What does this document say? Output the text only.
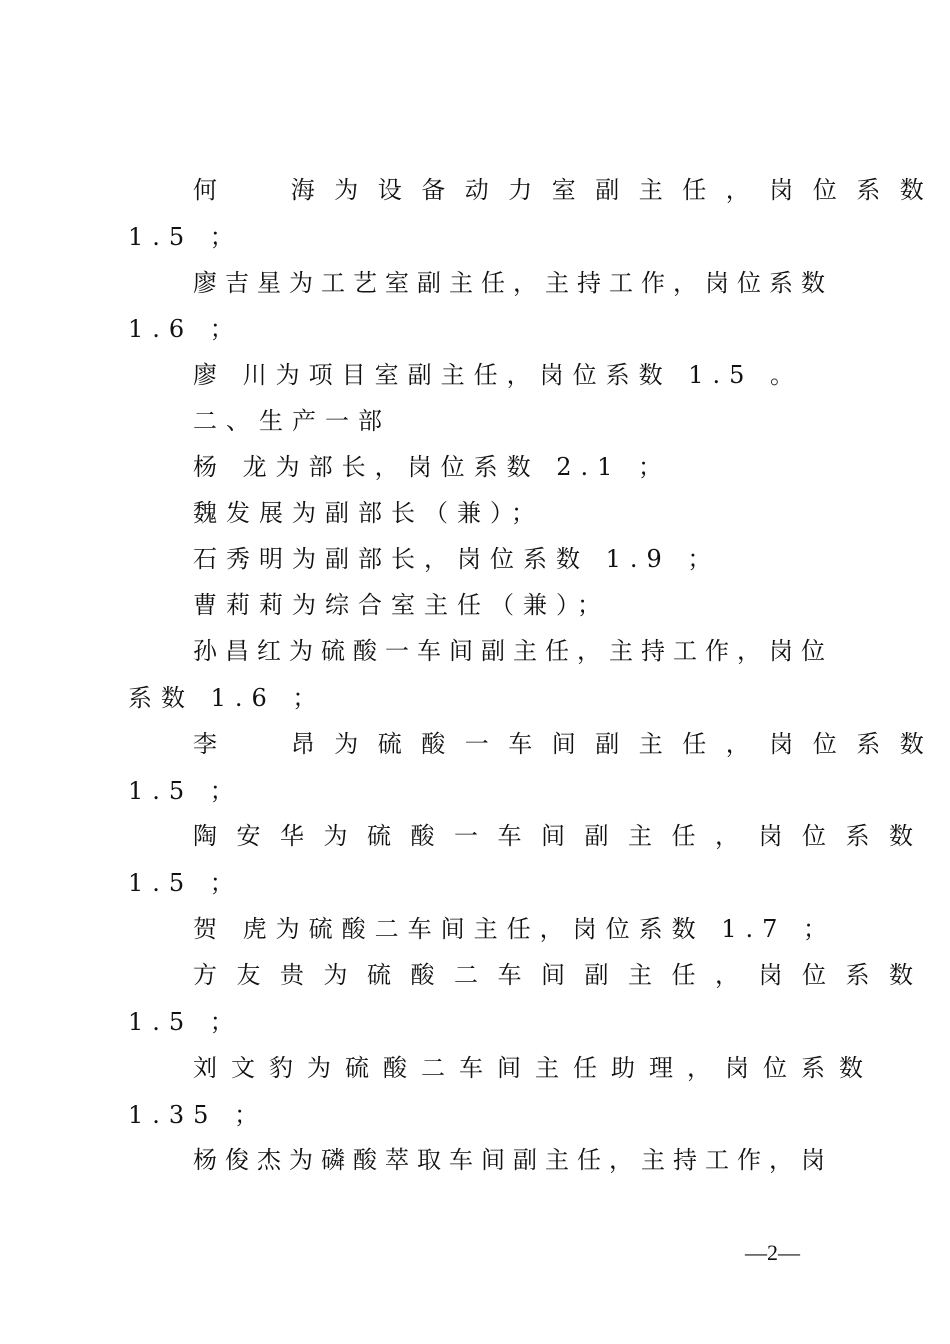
何  海为设备动力室副主任，岗位系数

1.5 ；

廖吉星为工艺室副主任，主持工作，岗位系数

1.6 ；

廖 川为项目室副主任，岗位系数 1.5 。

二、生产一部

杨 龙为部长，岗位系数 2.1 ；

魏发展为副部长（兼）；

石秀明为副部长，岗位系数 1.9 ；

曹莉莉为综合室主任（兼）；

孙昌红为硫酸一车间副主任，主持工作，岗位

系数 1.6 ；

李  昂为硫酸一车间副主任，岗位系数

1.5 ；

陶安华为硫酸一车间副主任，岗位系数

1.5 ；

贺 虎为硫酸二车间主任，岗位系数 1.7 ；

方友贵为硫酸二车间副主任，岗位系数

1.5 ；

刘文豹为硫酸二车间主任助理，岗位系数

1.35 ；

杨俊杰为磷酸萃取车间副主任，主持工作，岗

—2—
